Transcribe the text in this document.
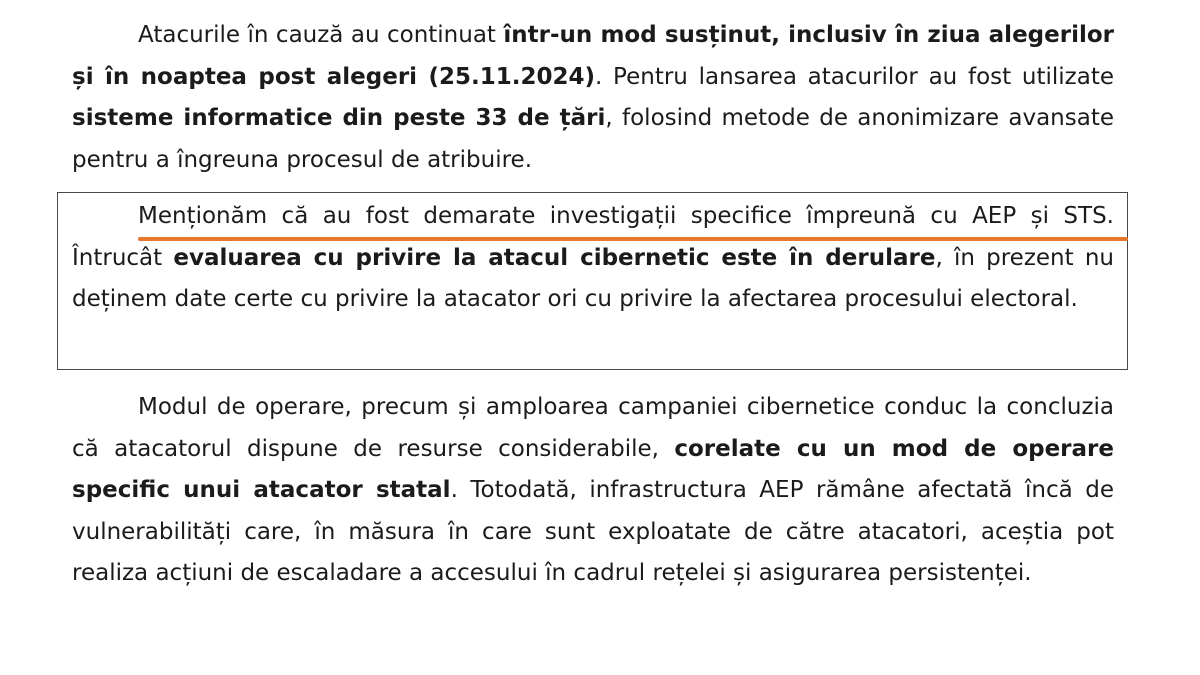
Atacurile în cauză au continuat într-un mod susținut, inclusiv în ziua alegerilor și în noaptea post alegeri (25.11.2024). Pentru lansarea atacurilor au fost utilizate sisteme informatice din peste 33 de țări, folosind metode de anonimizare avansate pentru a îngreuna procesul de atribuire.

Menționăm că au fost demarate investigații specifice împreună cu AEP și STS. Întrucât evaluarea cu privire la atacul cibernetic este în derulare, în prezent nu deținem date certe cu privire la atacator ori cu privire la afectarea procesului electoral.

Modul de operare, precum și amploarea campaniei cibernetice conduc la concluzia că atacatorul dispune de resurse considerabile, corelate cu un mod de operare specific unui atacator statal. Totodată, infrastructura AEP rămâne afectată încă de vulnerabilități care, în măsura în care sunt exploatate de către atacatori, aceștia pot realiza acțiuni de escaladare a accesului în cadrul rețelei și asigurarea persistenței.
